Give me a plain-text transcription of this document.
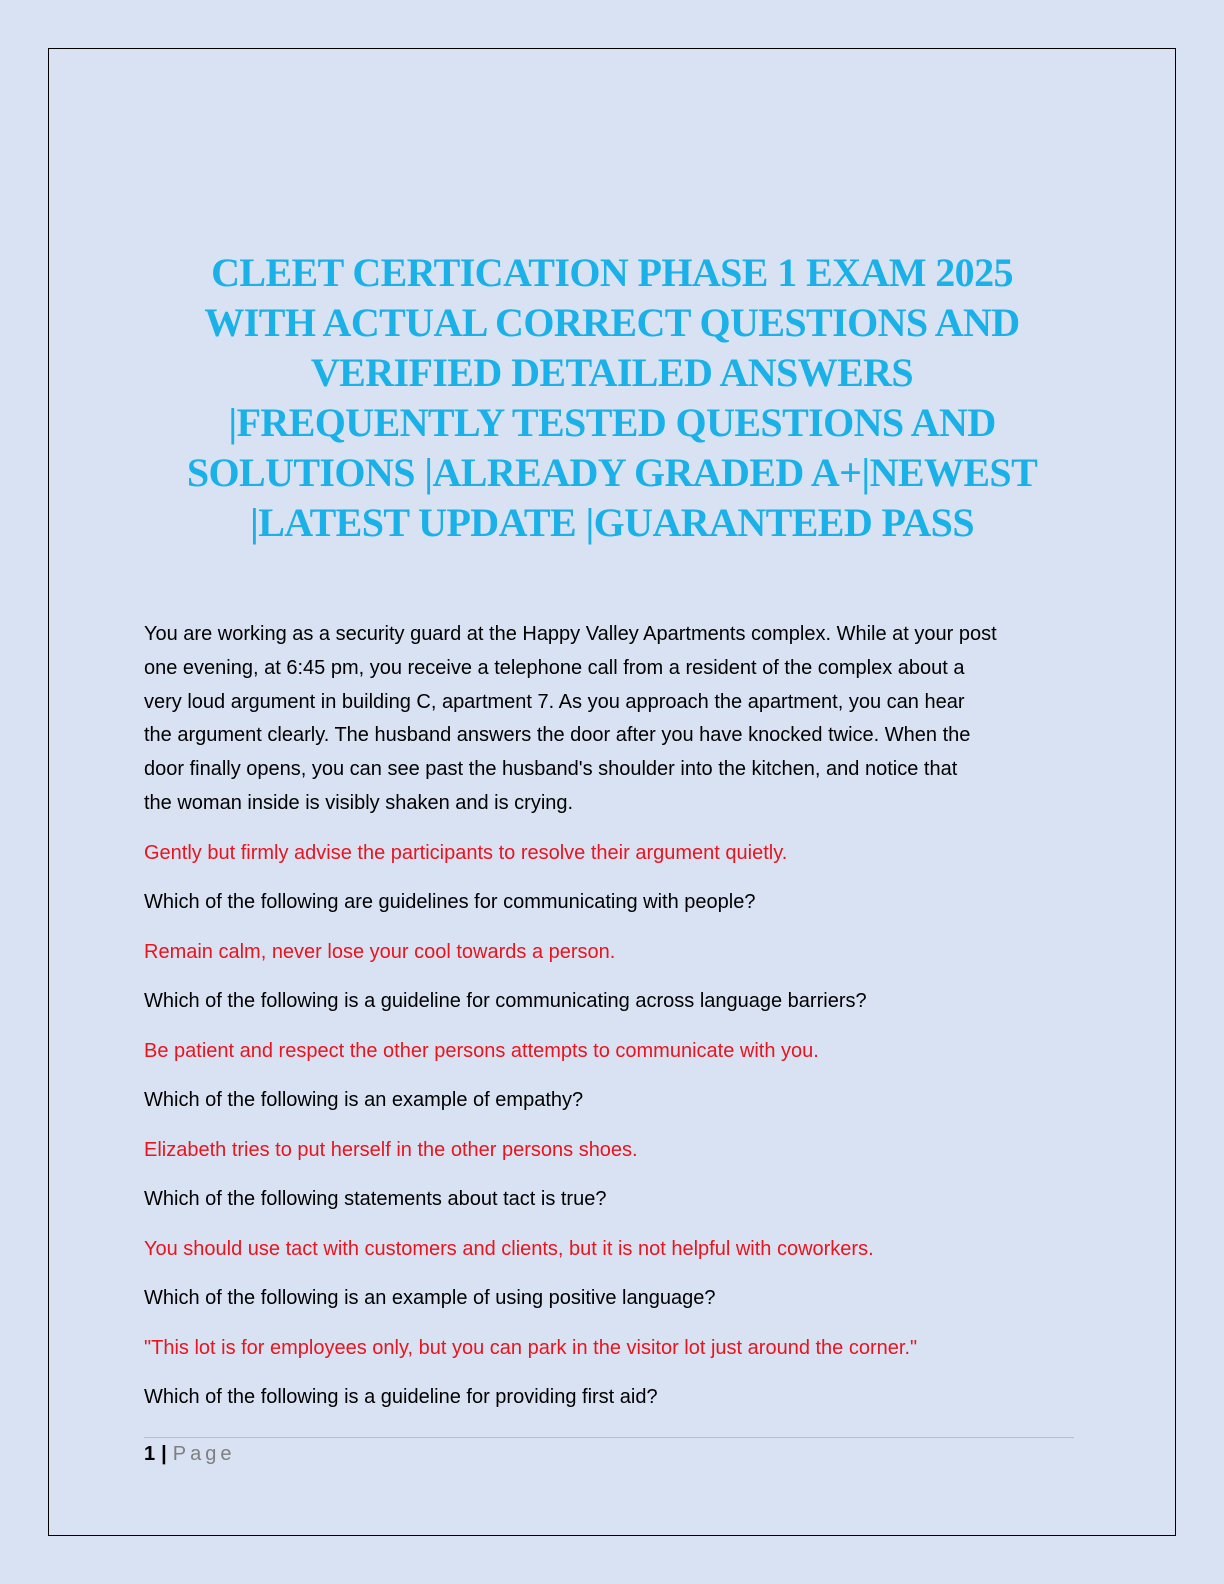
CLEET CERTICATION PHASE 1 EXAM 2025
WITH ACTUAL CORRECT QUESTIONS AND
VERIFIED DETAILED ANSWERS
|FREQUENTLY TESTED QUESTIONS AND
SOLUTIONS |ALREADY GRADED A+|NEWEST
|LATEST UPDATE |GUARANTEED PASS

You are working as a security guard at the Happy Valley Apartments complex. While at your post
one evening, at 6:45 pm, you receive a telephone call from a resident of the complex about a
very loud argument in building C, apartment 7. As you approach the apartment, you can hear
the argument clearly. The husband answers the door after you have knocked twice. When the
door finally opens, you can see past the husband's shoulder into the kitchen, and notice that
the woman inside is visibly shaken and is crying.

Gently but firmly advise the participants to resolve their argument quietly.

Which of the following are guidelines for communicating with people?

Remain calm, never lose your cool towards a person.

Which of the following is a guideline for communicating across language barriers?

Be patient and respect the other persons attempts to communicate with you.

Which of the following is an example of empathy?

Elizabeth tries to put herself in the other persons shoes.

Which of the following statements about tact is true?

You should use tact with customers and clients, but it is not helpful with coworkers.

Which of the following is an example of using positive language?

"This lot is for employees only, but you can park in the visitor lot just around the corner."

Which of the following is a guideline for providing first aid?

1 | Page
